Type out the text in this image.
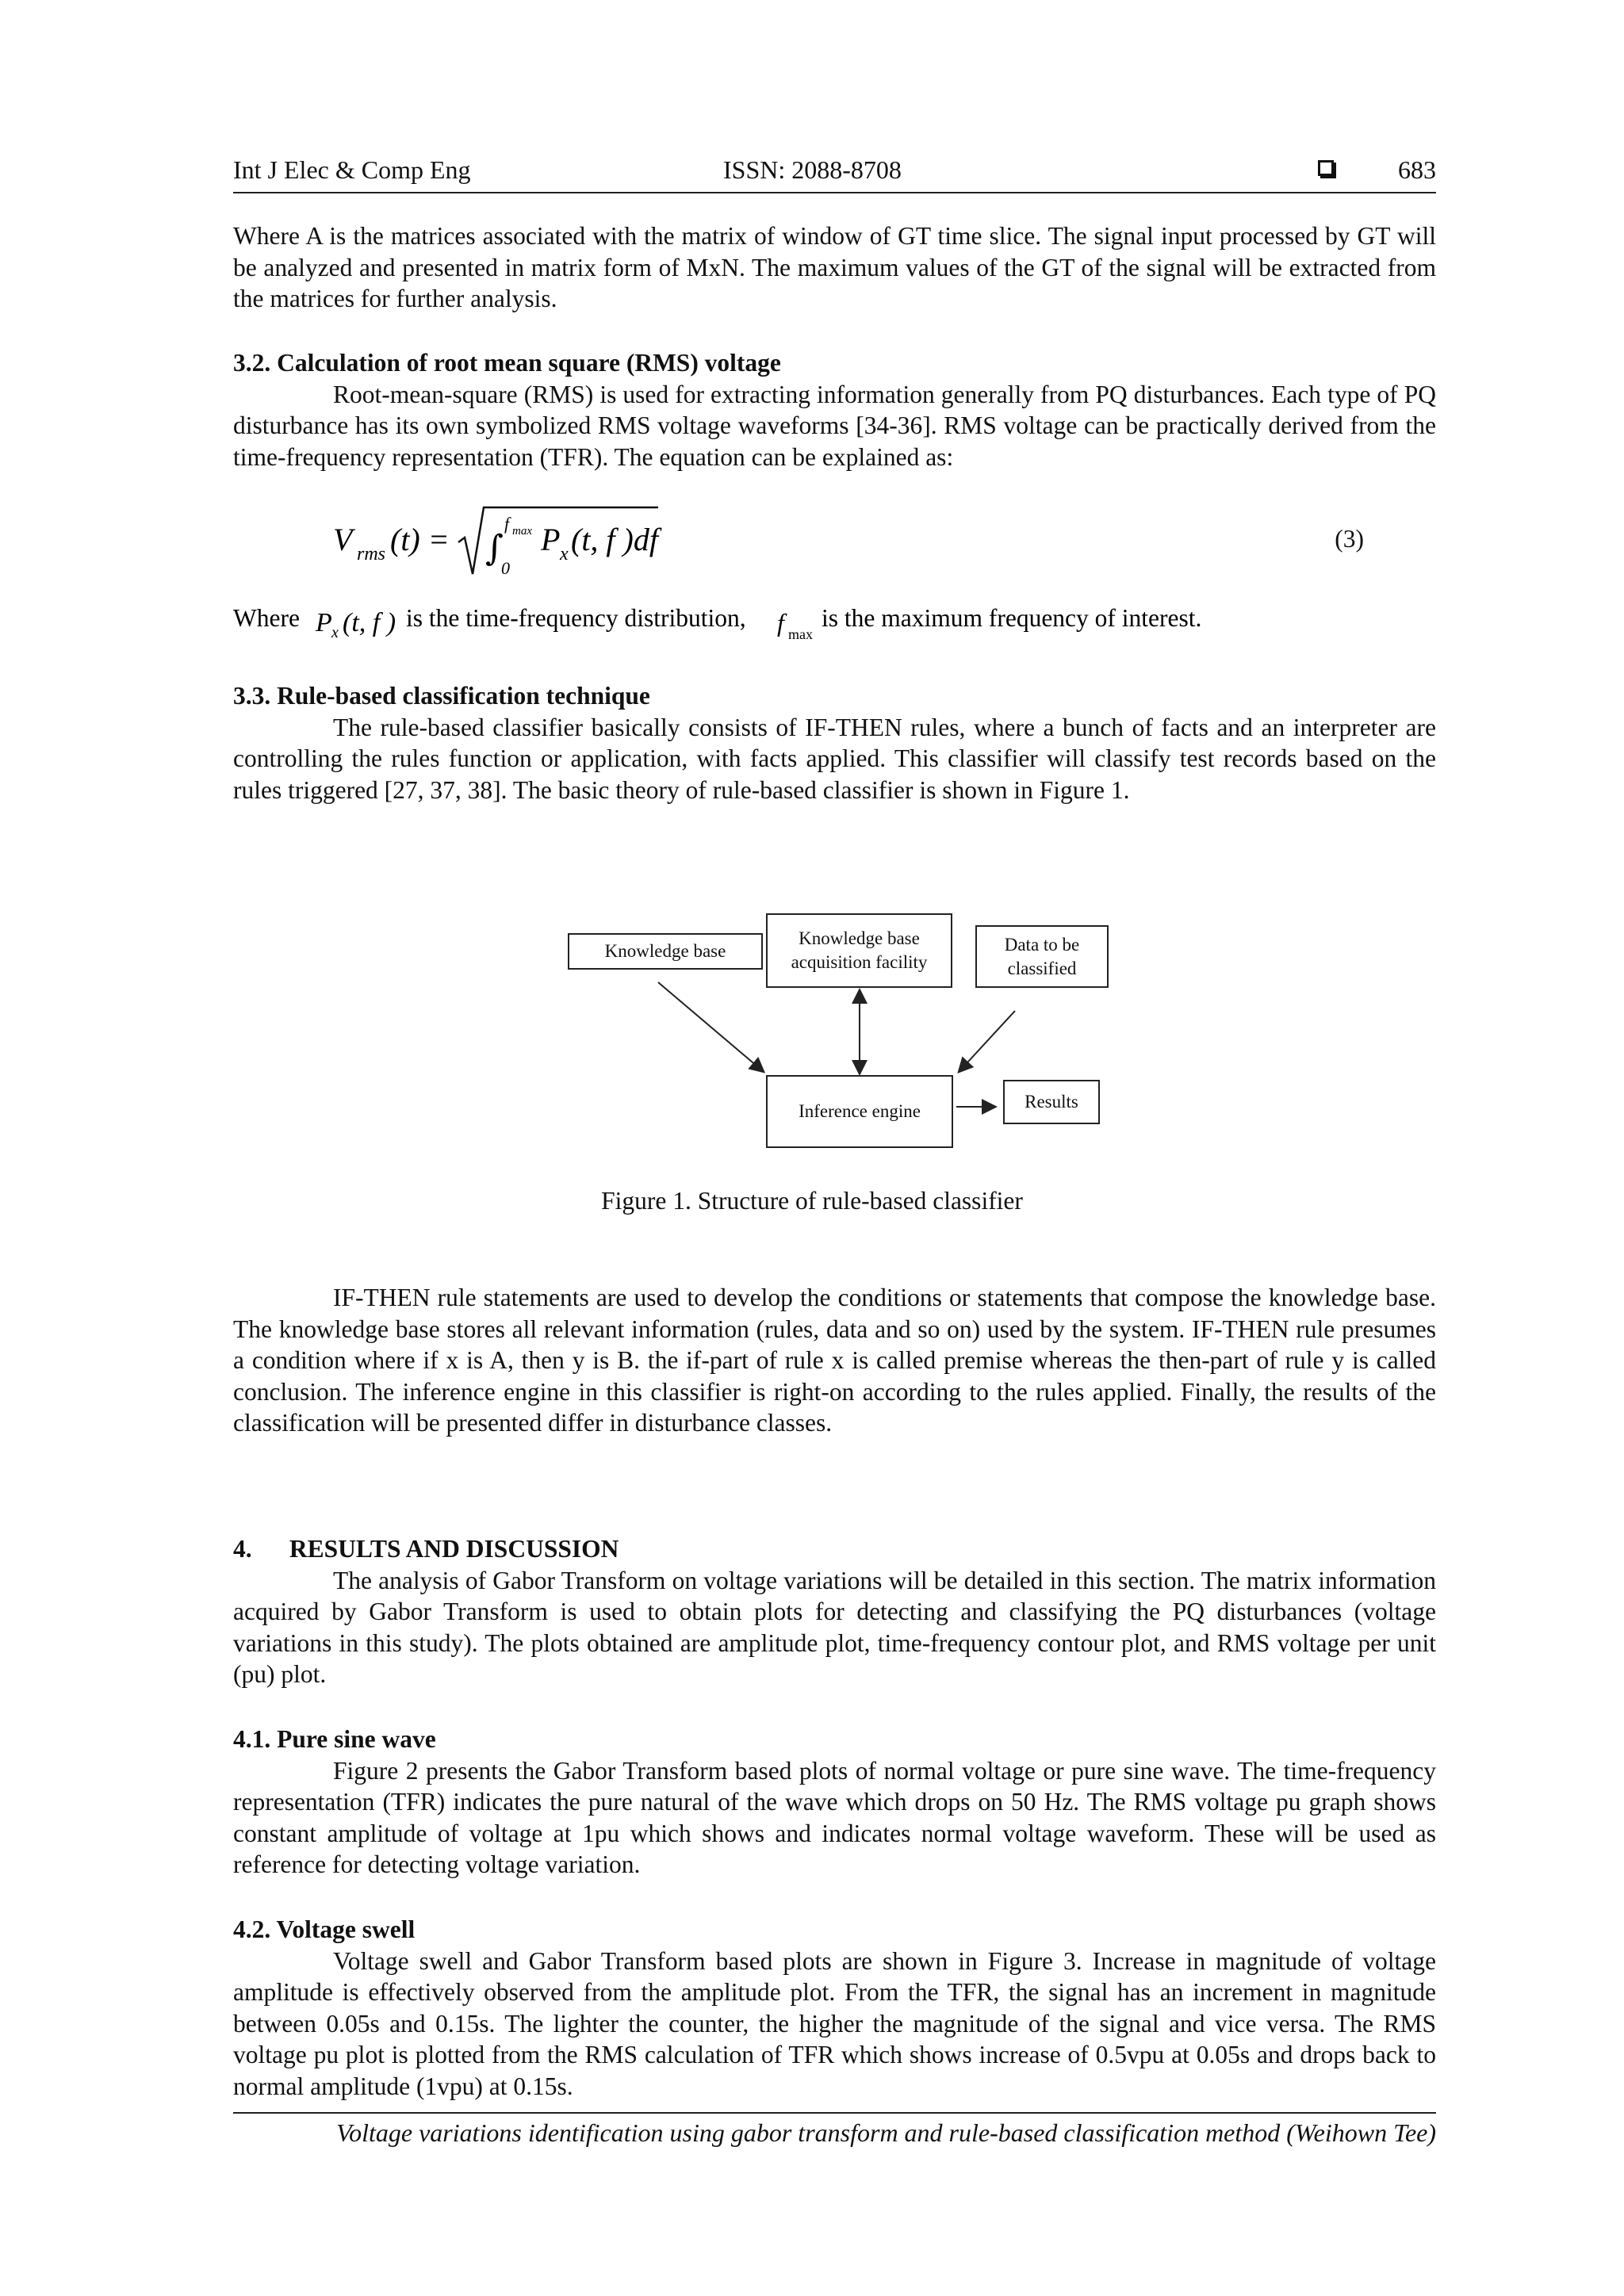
Int J Elec & Comp Eng	ISSN: 2088-8708	683

Where A is the matrices associated with the matrix of window of GT time slice. The signal input processed by GT will be analyzed and presented in matrix form of MxN. The maximum values of the GT of the signal will be extracted from the matrices for further analysis.

3.2. Calculation of root mean square (RMS) voltage

Root-mean-square (RMS) is used for extracting information generally from PQ disturbances. Each type of PQ disturbance has its own symbolized RMS voltage waveforms [34-36]. RMS voltage can be practically derived from the time-frequency representation (TFR). The equation can be explained as:

V rms (t) = ∫
f max
0
P x (t, f )df	(3)
Where P x (t, f ) is the time-frequency distribution, f max
is the maximum frequency of interest.
3.3. Rule-based classification technique

The rule-based classifier basically consists of IF-THEN rules, where a bunch of facts and an interpreter are controlling the rules function or application, with facts applied. This classifier will classify test records based on the rules triggered [27, 37, 38]. The basic theory of rule-based classifier is shown in Figure 1.

Knowledge base
Knowledge base
acquisition facility
Data to be
classified
Inference engine	Results
Figure 1. Structure of rule-based classifier

IF-THEN rule statements are used to develop the conditions or statements that compose the knowledge base. The knowledge base stores all relevant information (rules, data and so on) used by the system. IF-THEN rule presumes a condition where if x is A, then y is B. the if-part of rule x is called premise whereas the then-part of rule y is called conclusion. The inference engine in this classifier is right-on according to the rules applied. Finally, the results of the classification will be presented differ in disturbance classes.

4.      RESULTS AND DISCUSSION

The analysis of Gabor Transform on voltage variations will be detailed in this section. The matrix information acquired by Gabor Transform is used to obtain plots for detecting and classifying the PQ disturbances (voltage variations in this study). The plots obtained are amplitude plot, time-frequency contour plot, and RMS voltage per unit (pu) plot.

4.1. Pure sine wave

Figure 2 presents the Gabor Transform based plots of normal voltage or pure sine wave. The time-frequency representation (TFR) indicates the pure natural of the wave which drops on 50 Hz. The RMS voltage pu graph shows constant amplitude of voltage at 1pu which shows and indicates normal voltage waveform. These will be used as reference for detecting voltage variation.

4.2. Voltage swell

Voltage swell and Gabor Transform based plots are shown in Figure 3. Increase in magnitude of voltage amplitude is effectively observed from the amplitude plot. From the TFR, the signal has an increment in magnitude between 0.05s and 0.15s. The lighter the counter, the higher the magnitude of the signal and vice versa. The RMS voltage pu plot is plotted from the RMS calculation of TFR which shows increase of 0.5vpu at 0.05s and drops back to normal amplitude (1vpu) at 0.15s.

Voltage variations identification using gabor transform and rule-based classification method (Weihown Tee)
